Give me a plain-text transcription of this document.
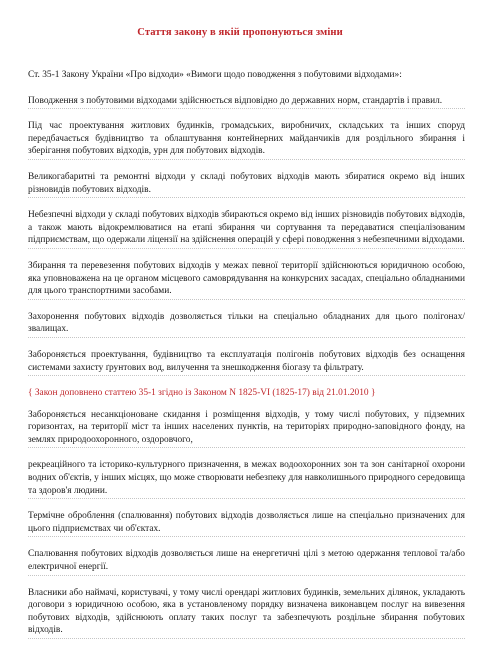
Стаття закону в якій пропонуються зміни

Ст. 35-1 Закону України «Про відходи» «Вимоги щодо поводження з побутовими відходами»:

Поводження з побутовими відходами здійснюється відповідно до державних норм, стандартів і правил.

Під час проектування житлових будинків, громадських, виробничих, складських та інших споруд передбачається будівництво та облаштування контейнерних майданчиків для роздільного збирання і зберігання побутових відходів, урн для побутових відходів.

Великогабаритні та ремонтні відходи у складі побутових відходів мають збиратися окремо від інших різновидів побутових відходів.

Небезпечні відходи у складі побутових відходів збираються окремо від інших різновидів побутових відходів, а також мають відокремлюватися на етапі збирання чи сортування та передаватися спеціалізованим підприємствам, що одержали ліцензії на здійснення операцій у сфері поводження з небезпечними відходами.

Збирання та перевезення побутових відходів у межах певної території здійснюються юридичною особою, яка уповноважена на це органом місцевого самоврядування на конкурсних засадах, спеціально обладнаними для цього транспортними засобами.

Захоронення побутових відходів дозволяється тільки на спеціально обладнаних для цього полігонах/звалищах.

Забороняється проектування, будівництво та експлуатація полігонів побутових відходів без оснащення системами захисту ґрунтових вод, вилучення та знешкодження біогазу та фільтрату.

{ Закон доповнено статтею 35-1 згідно із Законом N 1825-VI (1825-17) від 21.01.2010 }

Забороняється несанкціоноване скидання і розміщення відходів, у тому числі побутових, у підземних горизонтах, на території міст та інших населених пунктів, на територіях природно-заповідного фонду, на землях природоохоронного, оздоровчого,

рекреаційного та історико-культурного призначення, в межах водоохоронних зон та зон санітарної охорони водних об'єктів, у інших місцях, що може створювати небезпеку для навколишнього природного середовища та здоров'я людини.

Термічне оброблення (спалювання) побутових відходів дозволяється лише на спеціально призначених для цього підприємствах чи об'єктах.

Спалювання побутових відходів дозволяється лише на енергетичні цілі з метою одержання теплової та/або електричної енергії.

Власники або наймачі, користувачі, у тому числі орендарі житлових будинків, земельних ділянок, укладають договори з юридичною особою, яка в установленому порядку визначена виконавцем послуг на вивезення побутових відходів, здійснюють оплату таких послуг та забезпечують роздільне збирання побутових відходів.
